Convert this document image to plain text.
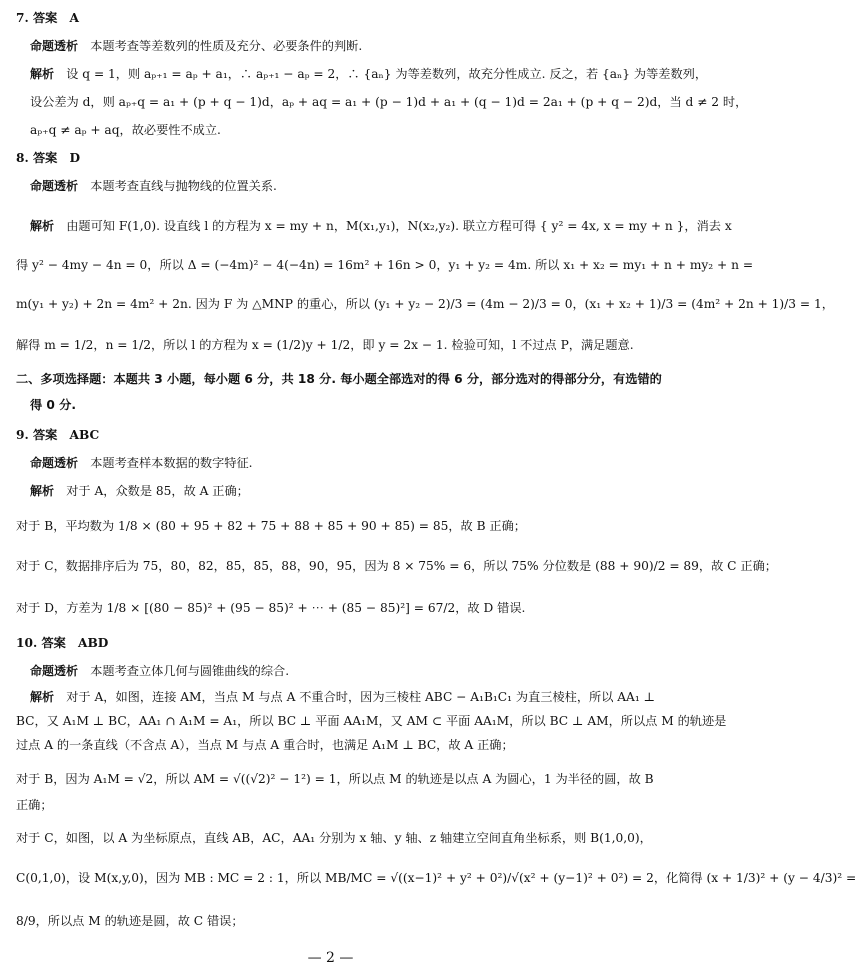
7. 答案　A
命题透析　本题考查等差数列的性质及充分、必要条件的判断.
解析　设 q = 1，则 aₚ₊₁ = aₚ + a₁，∴ aₚ₊₁ − aₚ = 2，∴ {aₙ} 为等差数列，故充分性成立. 反之，若 {aₙ} 为等差数列，
设公差为 d，则 aₚ₊q = a₁ + (p + q − 1)d，aₚ + aq = a₁ + (p − 1)d + a₁ + (q − 1)d = 2a₁ + (p + q − 2)d，当 d ≠ 2 时，
aₚ₊q ≠ aₚ + aq，故必要性不成立.
8. 答案　D
命题透析　本题考查直线与抛物线的位置关系.
解析　由题可知 F(1,0). 设直线 l 的方程为 x = my + n，M(x₁,y₁)，N(x₂,y₂). 联立方程可得 { y² = 4x, x = my + n }，消去 x
得 y² − 4my − 4n = 0，所以 Δ = (−4m)² − 4(−4n) = 16m² + 16n > 0，y₁ + y₂ = 4m. 所以 x₁ + x₂ = my₁ + n + my₂ + n =
m(y₁ + y₂) + 2n = 4m² + 2n. 因为 F 为 △MNP 的重心，所以 (y₁ + y₂ − 2)/3 = (4m − 2)/3 = 0，(x₁ + x₂ + 1)/3 = (4m² + 2n + 1)/3 = 1，
解得 m = 1/2，n = 1/2，所以 l 的方程为 x = (1/2)y + 1/2，即 y = 2x − 1. 检验可知，l 不过点 P，满足题意.
二、多项选择题：本题共 3 小题，每小题 6 分，共 18 分. 每小题全部选对的得 6 分，部分选对的得部分分，有选错的
得 0 分.
9. 答案　ABC
命题透析　本题考查样本数据的数字特征.
解析　对于 A，众数是 85，故 A 正确；
对于 B，平均数为 1/8 × (80 + 95 + 82 + 75 + 88 + 85 + 90 + 85) = 85，故 B 正确；
对于 C，数据排序后为 75，80，82，85，85，88，90，95，因为 8 × 75% = 6，所以 75% 分位数是 (88 + 90)/2 = 89，故 C 正确；
对于 D，方差为 1/8 × [(80 − 85)² + (95 − 85)² + ⋯ + (85 − 85)²] = 67/2，故 D 错误.
10. 答案　ABD
命题透析　本题考查立体几何与圆锥曲线的综合.
解析　对于 A，如图，连接 AM，当点 M 与点 A 不重合时，因为三棱柱 ABC − A₁B₁C₁ 为直三棱柱，所以 AA₁ ⊥
BC，又 A₁M ⊥ BC，AA₁ ∩ A₁M = A₁，所以 BC ⊥ 平面 AA₁M，又 AM ⊂ 平面 AA₁M，所以 BC ⊥ AM，所以点 M 的轨迹是
过点 A 的一条直线（不含点 A），当点 M 与点 A 重合时，也满足 A₁M ⊥ BC，故 A 正确；
对于 B，因为 A₁M = √2，所以 AM = √((√2)² − 1²) = 1，所以点 M 的轨迹是以点 A 为圆心，1 为半径的圆，故 B
正确；
对于 C，如图，以 A 为坐标原点，直线 AB，AC，AA₁ 分别为 x 轴、y 轴、z 轴建立空间直角坐标系，则 B(1,0,0)，
C(0,1,0)，设 M(x,y,0)，因为 MB : MC = 2 : 1，所以 MB/MC = √((x−1)² + y² + 0²)/√(x² + (y−1)² + 0²) = 2，化简得 (x + 1/3)² + (y − 4/3)² =
8/9，所以点 M 的轨迹是圆，故 C 错误；
— 2 —
